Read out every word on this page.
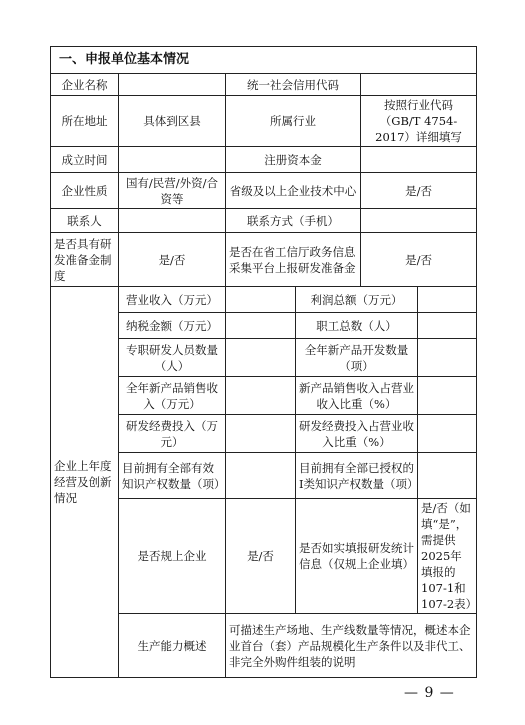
一、申报单位基本情况					
企业名称		统一社会信用代码			
所在地址	具体到区县	所属行业		按照行业代码（GB/T 4754-2017）详细填写	
成立时间		注册资本金			
企业性质	国有/民营/外资/合资等	省级及以上企业技术中心		是/否	
联系人		联系方式（手机）			
是否具有研发准备金制度	是/否	是否在省工信厅政务信息采集平台上报研发准备金		是/否	
企业上年度经营及创新情况	营业收入（万元）		利润总额（万元）		
	纳税金额（万元）		职工总数（人）		
	专职研发人员数量（人）		全年新产品开发数量（项）		
	全年新产品销售收入（万元）		新产品销售收入占营业收入比重（%）		
	研发经费投入（万元）		研发经费投入占营业收入比重（%）		
	目前拥有全部有效知识产权数量（项）		目前拥有全部已授权的I类知识产权数量（项）		
	是否规上企业	是/否	是否如实填报研发统计信息（仅规上企业填）		是/否（如填“是”，需提供2025年填报的107-1和107-2表）
	生产能力概述	可描述生产场地、生产线数量等情况，概述本企业首台（套）产品规模化生产条件以及非代工、非完全外购件组装的说明			
— 9 —
